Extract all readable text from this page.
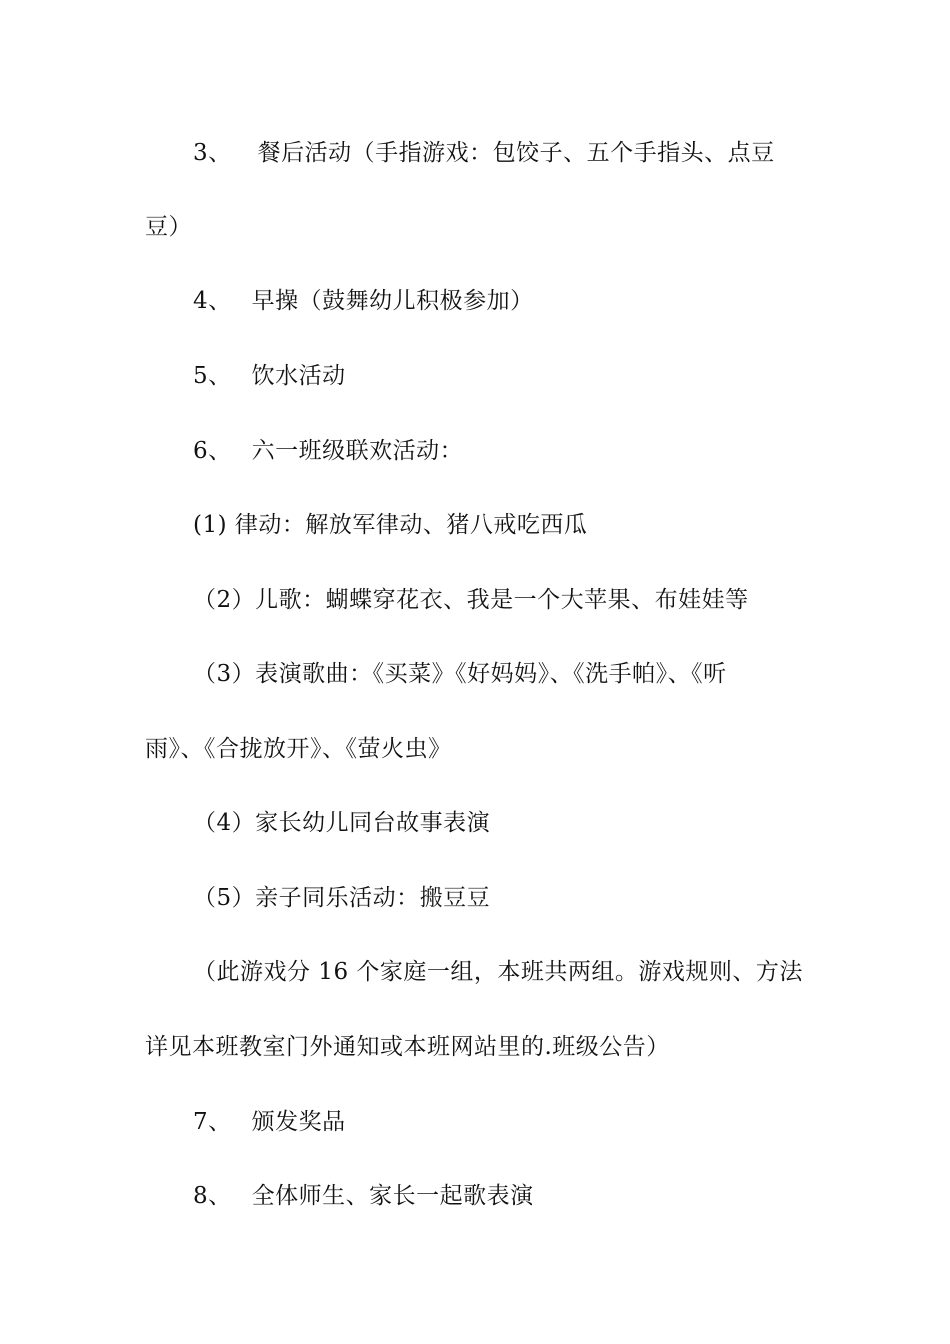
3、 餐后活动（手指游戏：包饺子、五个手指头、点豆
豆）
4、 早操（鼓舞幼儿积极参加）
5、 饮水活动
6、 六一班级联欢活动：
(1) 律动：解放军律动、猪八戒吃西瓜
（2）儿歌：蝴蝶穿花衣、我是一个大苹果、布娃娃等
（3）表演歌曲：《买菜》《好妈妈》、《洗手帕》、《听
雨》、《合拢放开》、《萤火虫》
（4）家长幼儿同台故事表演
（5）亲子同乐活动：搬豆豆
（此游戏分 16 个家庭一组，本班共两组。游戏规则、方法
详见本班教室门外通知或本班网站里的.班级公告）
7、 颁发奖品
8、 全体师生、家长一起歌表演
